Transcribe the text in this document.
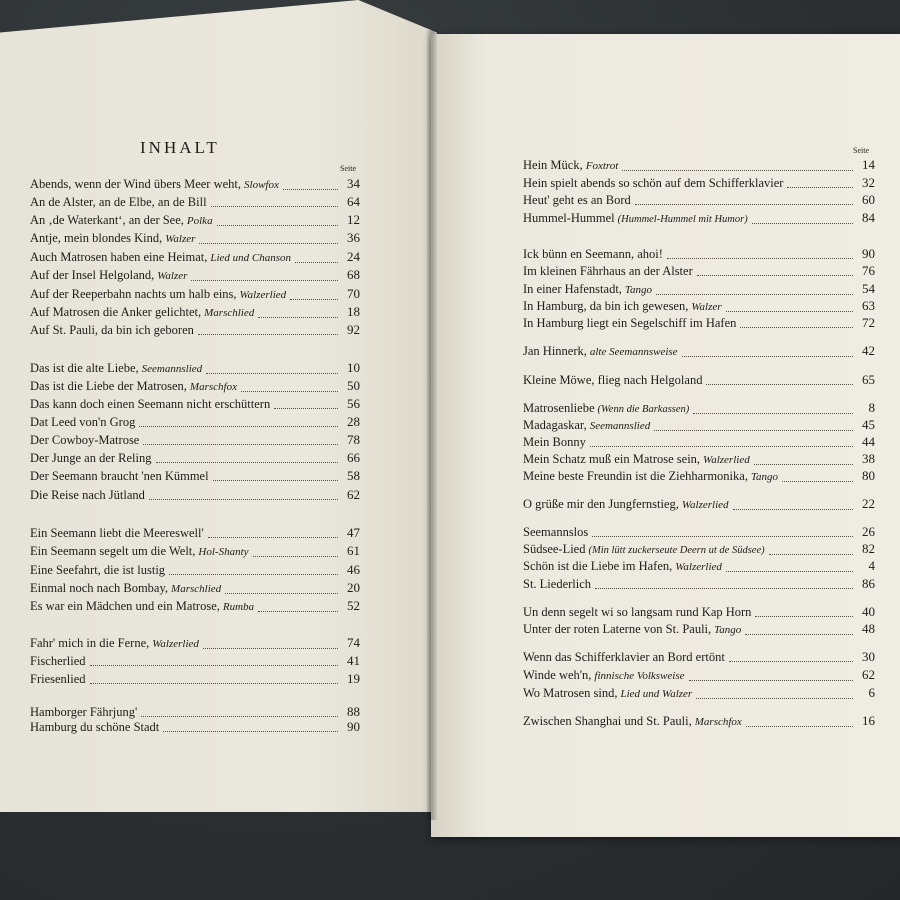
INHALT
Seite
Seite
Abends, wenn der Wind übers Meer weht, Slowfox	34
An de Alster, an de Elbe, an de Bill	64
An ‚de Waterkant‘, an der See, Polka	12
Antje, mein blondes Kind, Walzer	36
Auch Matrosen haben eine Heimat, Lied und Chanson	24
Auf der Insel Helgoland, Walzer	68
Auf der Reeperbahn nachts um halb eins, Walzerlied	70
Auf Matrosen die Anker gelichtet, Marschlied	18
Auf St. Pauli, da bin ich geboren	92
Das ist die alte Liebe, Seemannslied	10
Das ist die Liebe der Matrosen, Marschfox	50
Das kann doch einen Seemann nicht erschüttern	56
Dat Leed von'n Grog	28
Der Cowboy-Matrose	78
Der Junge an der Reling	66
Der Seemann braucht 'nen Kümmel	58
Die Reise nach Jütland	62
Ein Seemann liebt die Meereswell'	47
Ein Seemann segelt um die Welt, Hol-Shanty	61
Eine Seefahrt, die ist lustig	46
Einmal noch nach Bombay, Marschlied	20
Es war ein Mädchen und ein Matrose, Rumba	52
Fahr' mich in die Ferne, Walzerlied	74
Fischerlied	41
Friesenlied	19
Hamborger Fährjung'	88
Hamburg du schöne Stadt	90
Hein Mück, Foxtrot	14
Hein spielt abends so schön auf dem Schifferklavier	32
Heut' geht es an Bord	60
Hummel-Hummel (Hummel-Hummel mit Humor)	84
Ick bünn en Seemann, ahoi!	90
Im kleinen Fährhaus an der Alster	76
In einer Hafenstadt, Tango	54
In Hamburg, da bin ich gewesen, Walzer	63
In Hamburg liegt ein Segelschiff im Hafen	72
Jan Hinnerk, alte Seemannsweise	42
Kleine Möwe, flieg nach Helgoland	65
Matrosenliebe (Wenn die Barkassen)	8
Madagaskar, Seemannslied	45
Mein Bonny	44
Mein Schatz muß ein Matrose sein, Walzerlied	38
Meine beste Freundin ist die Ziehharmonika, Tango	80
O grüße mir den Jungfernstieg, Walzerlied	22
Seemannslos	26
Südsee-Lied (Min lütt zuckerseute Deern ut de Südsee)	82
Schön ist die Liebe im Hafen, Walzerlied	4
St. Liederlich	86
Un denn segelt wi so langsam rund Kap Horn	40
Unter der roten Laterne von St. Pauli, Tango	48
Wenn das Schifferklavier an Bord ertönt	30
Winde weh'n, finnische Volksweise	62
Wo Matrosen sind, Lied und Walzer	6
Zwischen Shanghai und St. Pauli, Marschfox	16
